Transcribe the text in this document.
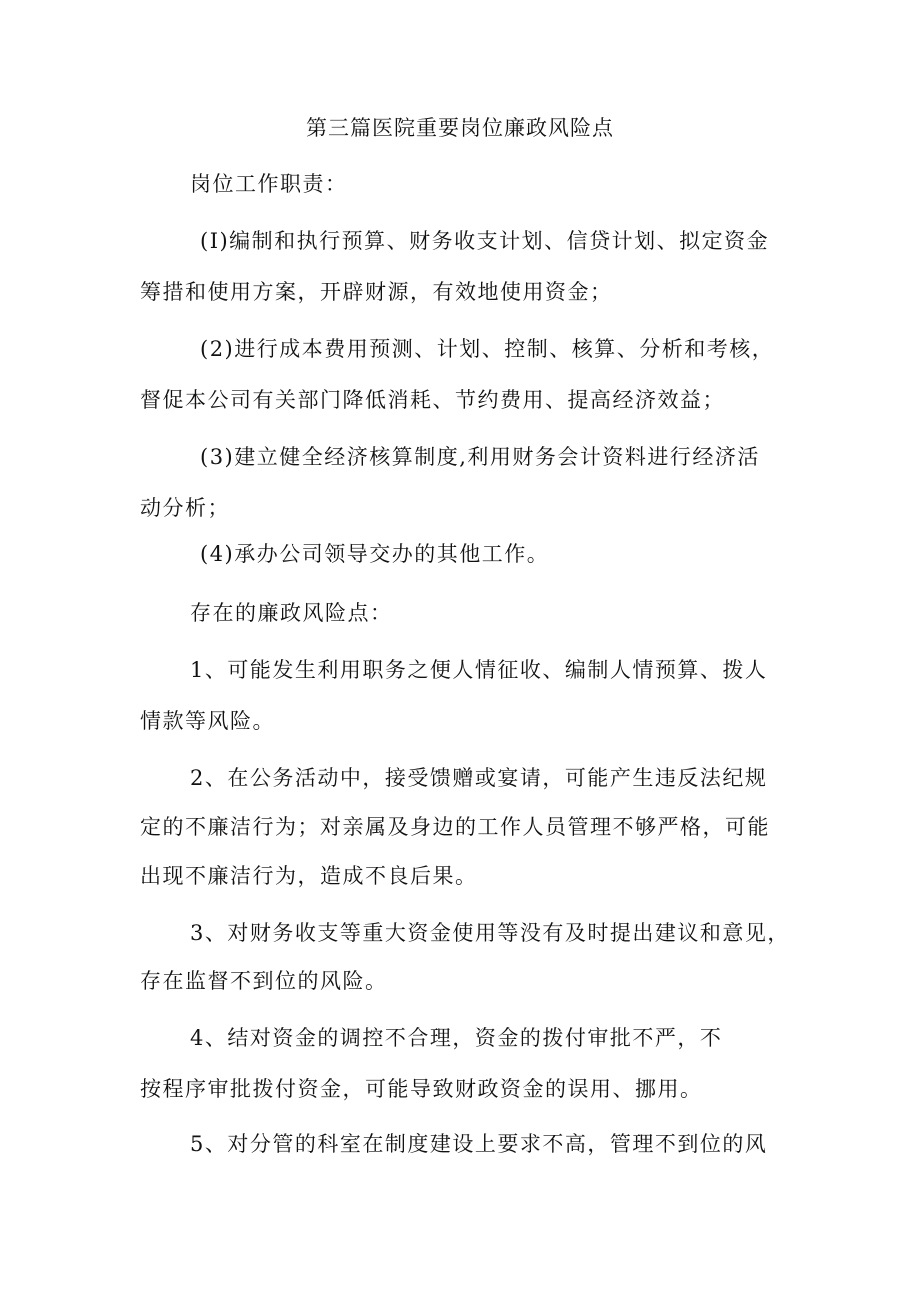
第三篇医院重要岗位廉政风险点
岗位工作职责：
(I)编制和执行预算、财务收支计划、信贷计划、拟定资金
筹措和使用方案，开辟财源，有效地使用资金；
(2)进行成本费用预测、计划、控制、核算、分析和考核，
督促本公司有关部门降低消耗、节约费用、提高经济效益；
(3)建立健全经济核算制度,利用财务会计资料进行经济活
动分析；
(4)承办公司领导交办的其他工作。
存在的廉政风险点：
1、可能发生利用职务之便人情征收、编制人情预算、拨人
情款等风险。
2、在公务活动中，接受馈赠或宴请，可能产生违反法纪规
定的不廉洁行为；对亲属及身边的工作人员管理不够严格，可能
出现不廉洁行为，造成不良后果。
3、对财务收支等重大资金使用等没有及时提出建议和意见，
存在监督不到位的风险。
4、结对资金的调控不合理，资金的拨付审批不严，不
按程序审批拨付资金，可能导致财政资金的误用、挪用。
5、对分管的科室在制度建设上要求不高，管理不到位的风
